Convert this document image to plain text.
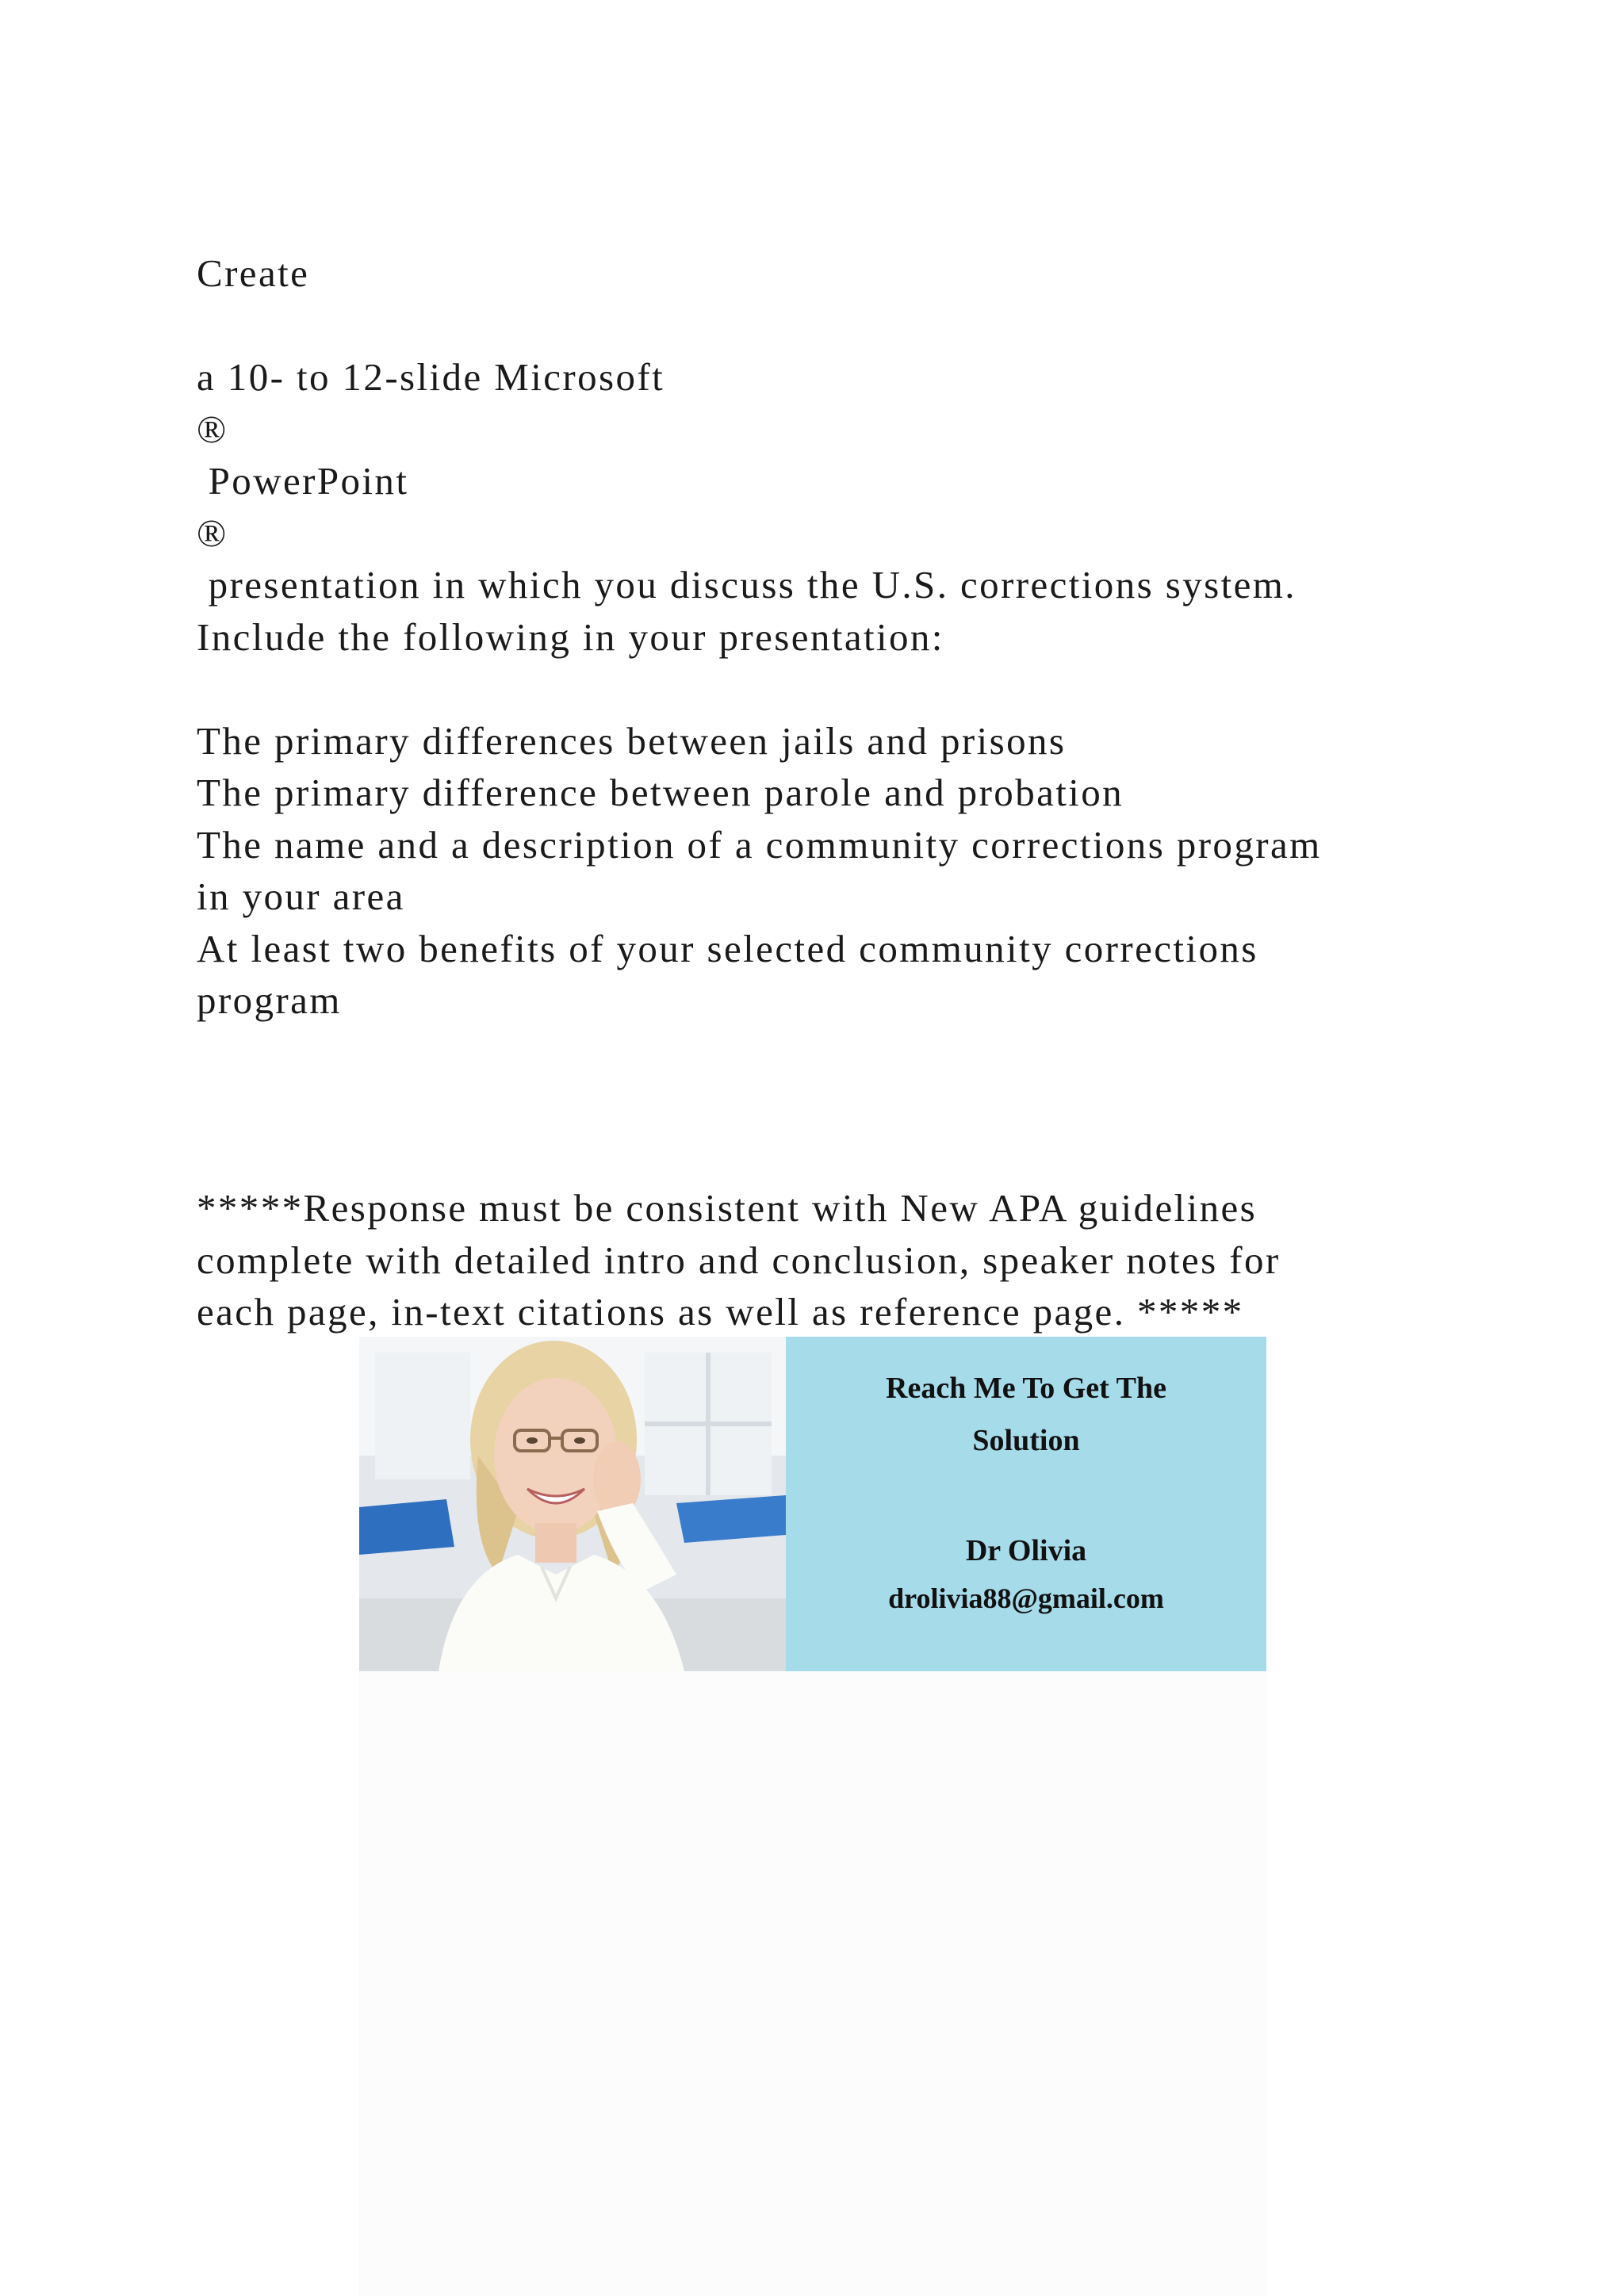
Create
a 10- to 12-slide Microsoft
®
PowerPoint
®
presentation in which you discuss the U.S. corrections system.
Include the following in your presentation:
The primary differences between jails and prisons
The primary difference between parole and probation
The name and a description of a community corrections program
in your area
At least two benefits of your selected community corrections
program
*****Response must be consistent with New APA guidelines
complete with detailed intro and conclusion, speaker notes for
each page, in-text citations as well as reference page. *****
Reach Me To Get The
Solution
Dr Olivia
drolivia88@gmail.com
